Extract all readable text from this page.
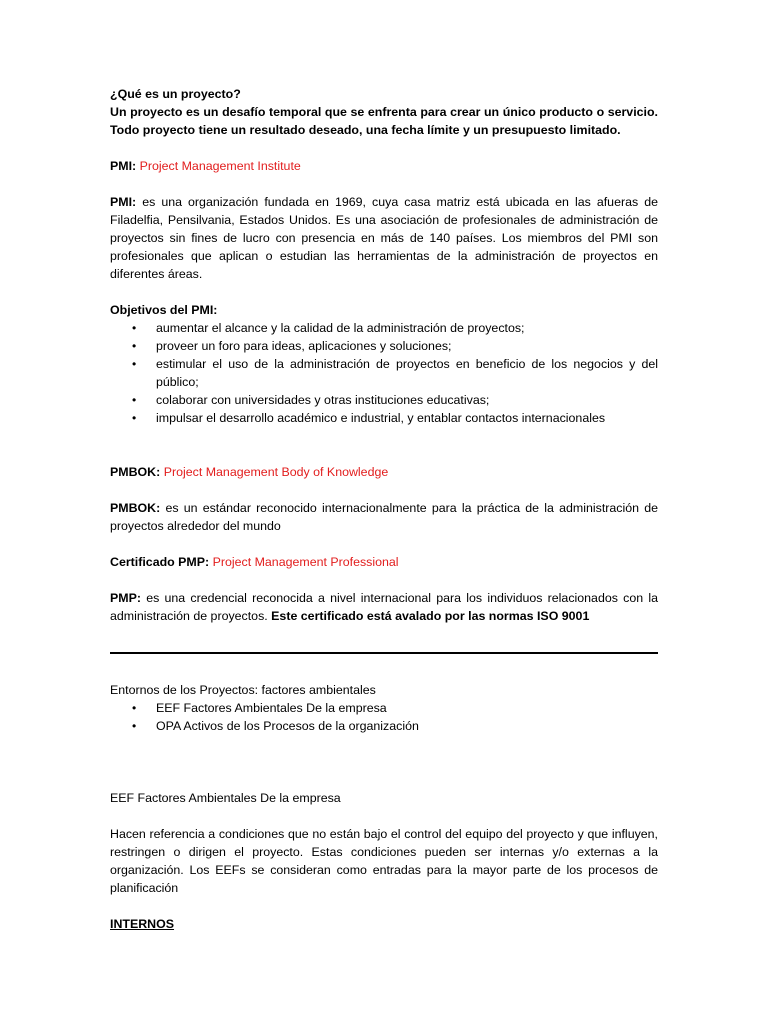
¿Qué es un proyecto?
Un proyecto es un desafío temporal que se enfrenta para crear un único producto o servicio. Todo proyecto tiene un resultado deseado, una fecha límite y un presupuesto limitado.
PMI: Project Management Institute
PMI: es una organización fundada en 1969, cuya casa matriz está ubicada en las afueras de Filadelfia, Pensilvania, Estados Unidos. Es una asociación de profesionales de administración de proyectos sin fines de lucro con presencia en más de 140 países. Los miembros del PMI son profesionales que aplican o estudian las herramientas de la administración de proyectos en diferentes áreas.
Objetivos del PMI:
• aumentar el alcance y la calidad de la administración de proyectos;
• proveer un foro para ideas, aplicaciones y soluciones;
• estimular el uso de la administración de proyectos en beneficio de los negocios y del público;
• colaborar con universidades y otras instituciones educativas;
• impulsar el desarrollo académico e industrial, y entablar contactos internacionales
PMBOK: Project Management Body of Knowledge
PMBOK: es un estándar reconocido internacionalmente para la práctica de la administración de proyectos alrededor del mundo
Certificado PMP: Project Management Professional
PMP: es una credencial reconocida a nivel internacional para los individuos relacionados con la administración de proyectos. Este certificado está avalado por las normas ISO 9001
Entornos de los Proyectos: factores ambientales
• EEF Factores Ambientales De la empresa
• OPA Activos de los Procesos de la organización
EEF Factores Ambientales De la empresa
Hacen referencia a condiciones que no están bajo el control del equipo del proyecto y que influyen, restringen o dirigen el proyecto. Estas condiciones pueden ser internas y/o externas a la organización. Los EEFs se consideran como entradas para la mayor parte de los procesos de planificación
INTERNOS
